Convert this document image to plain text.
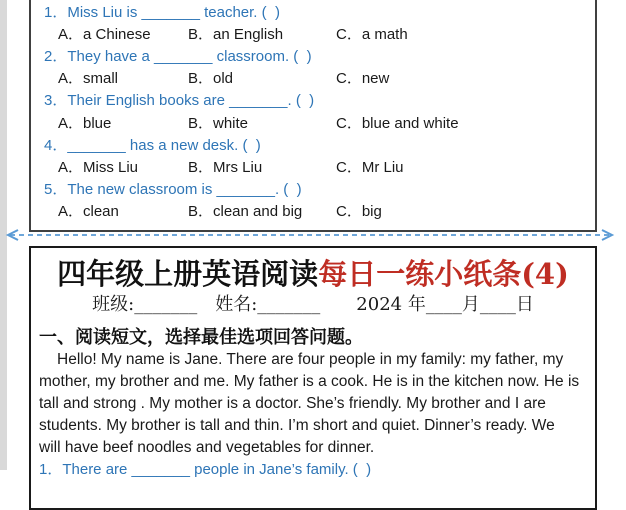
1．Miss Liu is _______ teacher. (  )
A．a Chinese	B．an English	C．a math
2．They have a _______ classroom. (  )
A．small	B．old	C．new
3．Their English books are _______. (  )
A．blue	B．white	C．blue and white
4．_______ has a new desk. (  )
A．Miss Liu	B．Mrs Liu	C．Mr Liu
5．The new classroom is _______. (  )
A．clean	B．clean and big	C．big
四年级上册英语阅读每日一练小纸条(4)
班级:_______　姓名:_______　　2024 年____月____日
一、阅读短文，选择最佳选项回答问题。
Hello! My name is Jane. There are four people in my family: my father, my
mother, my brother and me. My father is a cook. He is in the kitchen now. He is
tall and strong . My mother is a doctor. She’s friendly. My brother and I are
students. My brother is tall and thin. I’m short and quiet. Dinner’s ready. We
will have beef noodles and vegetables for dinner.
1．There are _______ people in Jane’s family. (  )
